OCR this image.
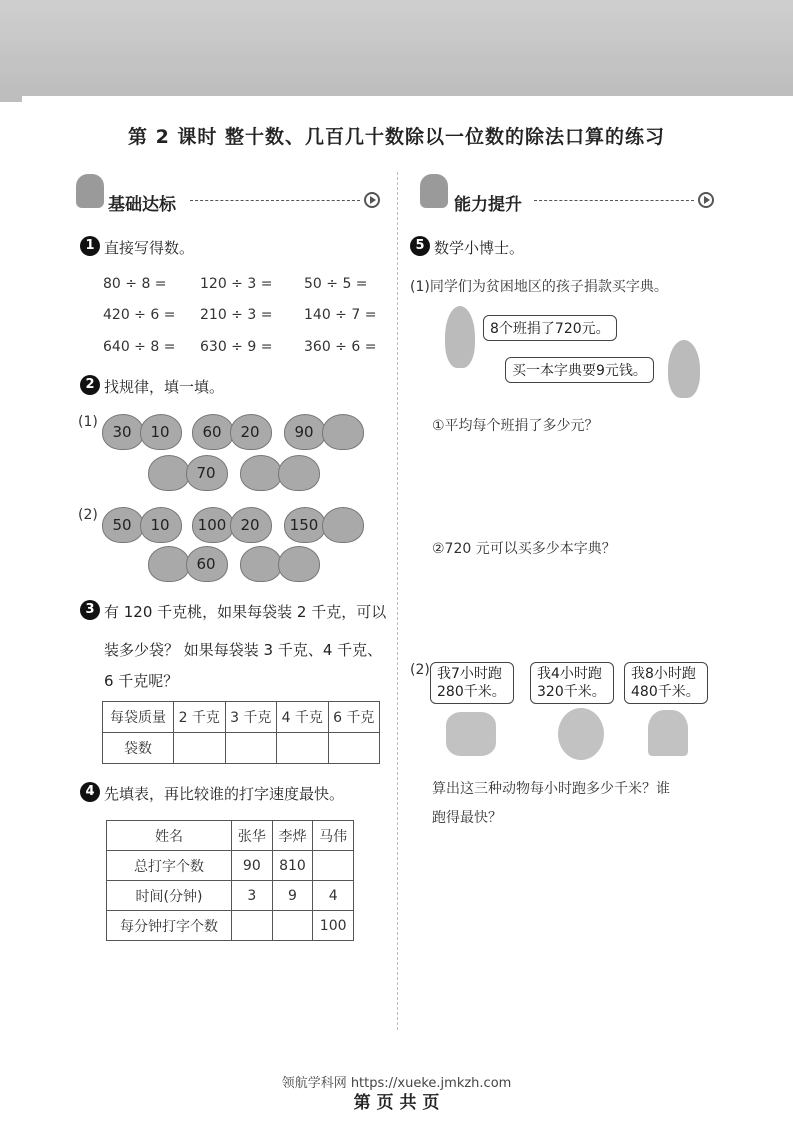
第 2 课时 整十数、几百几十数除以一位数的除法口算的练习
基础达标
1 直接写得数。
80 ÷ 8 = 120 ÷ 3 = 50 ÷ 5 =
420 ÷ 6 = 210 ÷ 3 = 140 ÷ 7 =
640 ÷ 8 = 630 ÷ 9 = 360 ÷ 6 =
2 找规律，填一填。
(1)
30	10	60	20	90
70
(2)
50	10	100 20	150
60
3 有 120 千克桃，如果每袋装 2 千克，可以
装多少袋？ 如果每袋装 3 千克、4 千克、
6 千克呢？
每袋质量	2 千克	3 千克	4 千克	6 千克
袋数				
4 先填表，再比较谁的打字速度最快。
姓名	张华	李烨	马伟
总打字个数	90	810	
时间(分钟)	3	9	4
每分钟打字个数			100
能力提升
5 数学小博士。
(1)同学们为贫困地区的孩子捐款买字典。
8个班捐了720元。
买一本字典要9元钱。
①平均每个班捐了多少元？
②720 元可以买多少本字典？
(2) 我7小时跑
280千米。
我4小时跑
320千米。
我8小时跑
480千米。
算出这三种动物每小时跑多少千米？谁
跑得最快？
领航学科网 https://xueke.jmkzh.com
第 页 共 页
